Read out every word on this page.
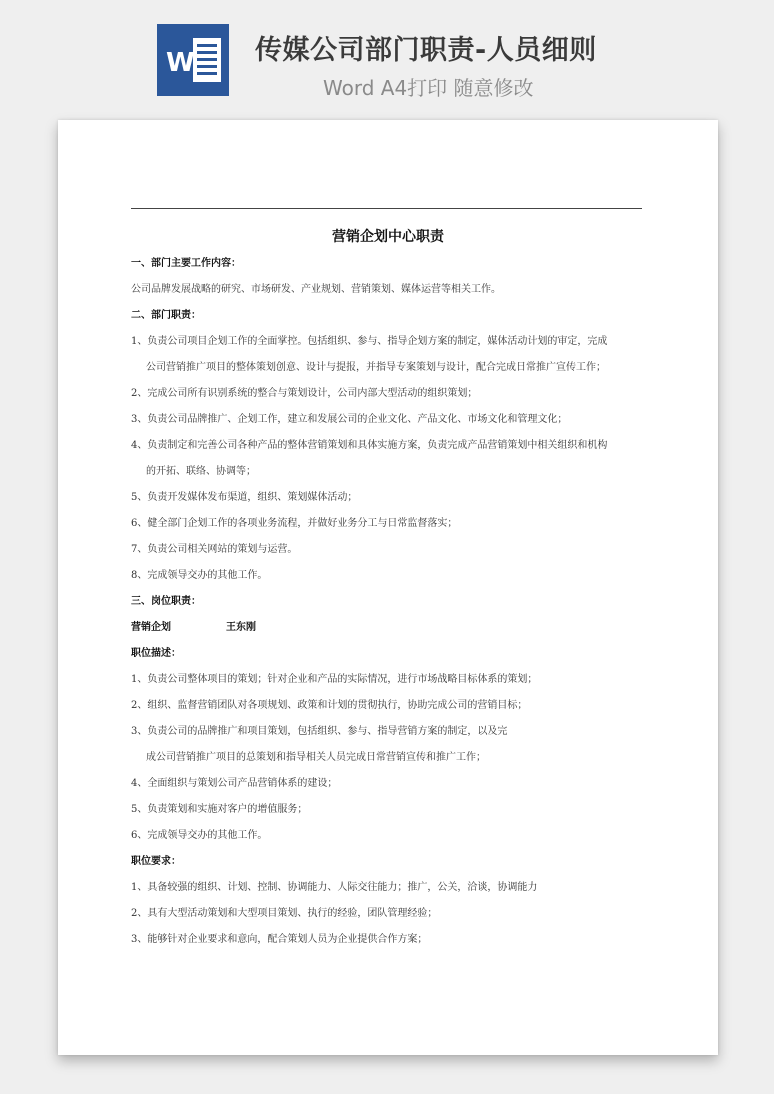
W 传媒公司部门职责-人员细则
Word A4打印 随意修改
营销企划中心职责
一、部门主要工作内容：
公司品牌发展战略的研究、市场研发、产业规划、营销策划、媒体运营等相关工作。
二、部门职责：
1、负责公司项目企划工作的全面掌控。包括组织、参与、指导企划方案的制定，媒体活动计划的审定，完成
公司营销推广项目的整体策划创意、设计与提报，并指导专案策划与设计，配合完成日常推广宣传工作；
2、完成公司所有识别系统的整合与策划设计，公司内部大型活动的组织策划；
3、负责公司品牌推广、企划工作，建立和发展公司的企业文化、产品文化、市场文化和管理文化；
4、负责制定和完善公司各种产品的整体营销策划和具体实施方案，负责完成产品营销策划中相关组织和机构
的开拓、联络、协调等；
5、负责开发媒体发布渠道，组织、策划媒体活动；
6、健全部门企划工作的各项业务流程，并做好业务分工与日常监督落实；
7、负责公司相关网站的策划与运营。
8、完成领导交办的其他工作。
三、岗位职责：
营销企划	王东刚
职位描述：
1、负责公司整体项目的策划；针对企业和产品的实际情况，进行市场战略目标体系的策划；
2、组织、监督营销团队对各项规划、政策和计划的贯彻执行，协助完成公司的营销目标；
3、负责公司的品牌推广和项目策划，包括组织、参与、指导营销方案的制定，以及完
成公司营销推广项目的总策划和指导相关人员完成日常营销宣传和推广工作；
4、全面组织与策划公司产品营销体系的建设；
5、负责策划和实施对客户的增值服务；
6、完成领导交办的其他工作。
职位要求：
1、具备较强的组织、计划、控制、协调能力、人际交往能力；推广，公关，洽谈，协调能力
2、具有大型活动策划和大型项目策划、执行的经验，团队管理经验；
3、能够针对企业要求和意向，配合策划人员为企业提供合作方案；
